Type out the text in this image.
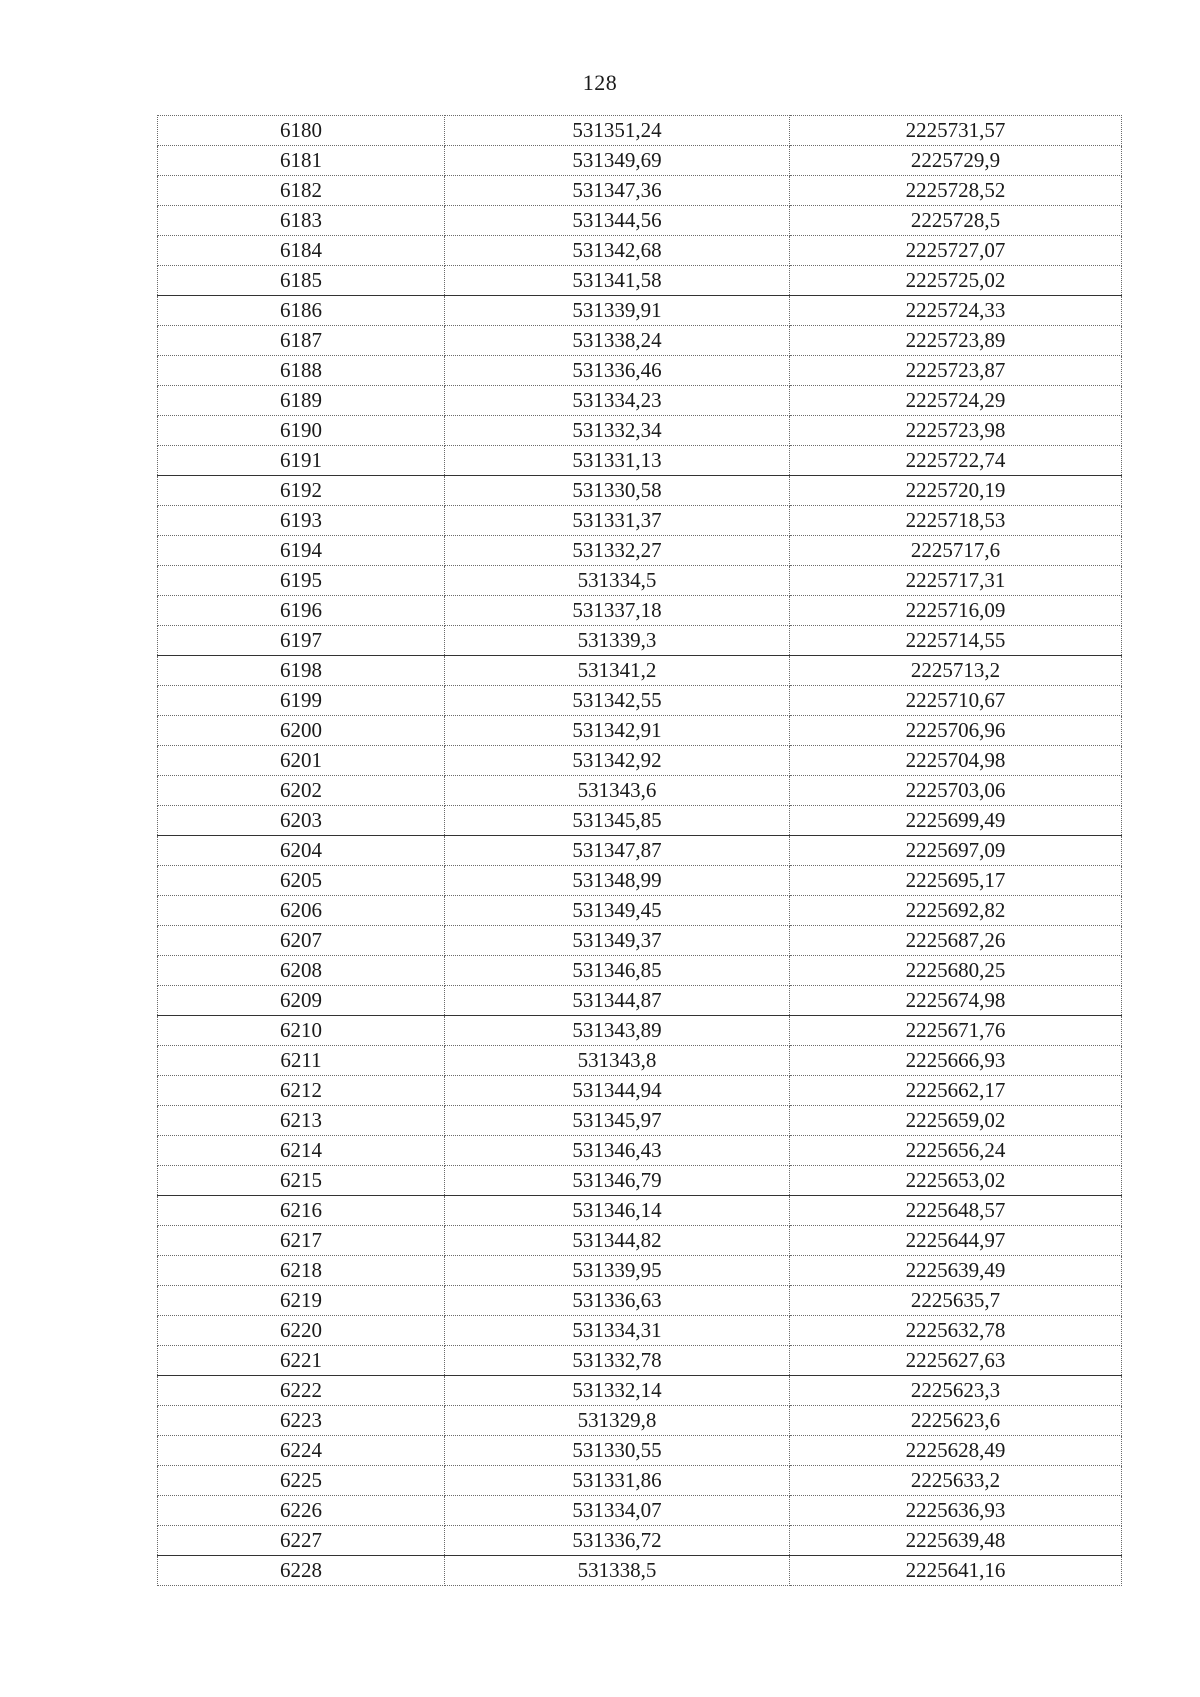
128
6180	531351,24	2225731,57
6181	531349,69	2225729,9
6182	531347,36	2225728,52
6183	531344,56	2225728,5
6184	531342,68	2225727,07
6185	531341,58	2225725,02
6186	531339,91	2225724,33
6187	531338,24	2225723,89
6188	531336,46	2225723,87
6189	531334,23	2225724,29
6190	531332,34	2225723,98
6191	531331,13	2225722,74
6192	531330,58	2225720,19
6193	531331,37	2225718,53
6194	531332,27	2225717,6
6195	531334,5	2225717,31
6196	531337,18	2225716,09
6197	531339,3	2225714,55
6198	531341,2	2225713,2
6199	531342,55	2225710,67
6200	531342,91	2225706,96
6201	531342,92	2225704,98
6202	531343,6	2225703,06
6203	531345,85	2225699,49
6204	531347,87	2225697,09
6205	531348,99	2225695,17
6206	531349,45	2225692,82
6207	531349,37	2225687,26
6208	531346,85	2225680,25
6209	531344,87	2225674,98
6210	531343,89	2225671,76
6211	531343,8	2225666,93
6212	531344,94	2225662,17
6213	531345,97	2225659,02
6214	531346,43	2225656,24
6215	531346,79	2225653,02
6216	531346,14	2225648,57
6217	531344,82	2225644,97
6218	531339,95	2225639,49
6219	531336,63	2225635,7
6220	531334,31	2225632,78
6221	531332,78	2225627,63
6222	531332,14	2225623,3
6223	531329,8	2225623,6
6224	531330,55	2225628,49
6225	531331,86	2225633,2
6226	531334,07	2225636,93
6227	531336,72	2225639,48
6228	531338,5	2225641,16
